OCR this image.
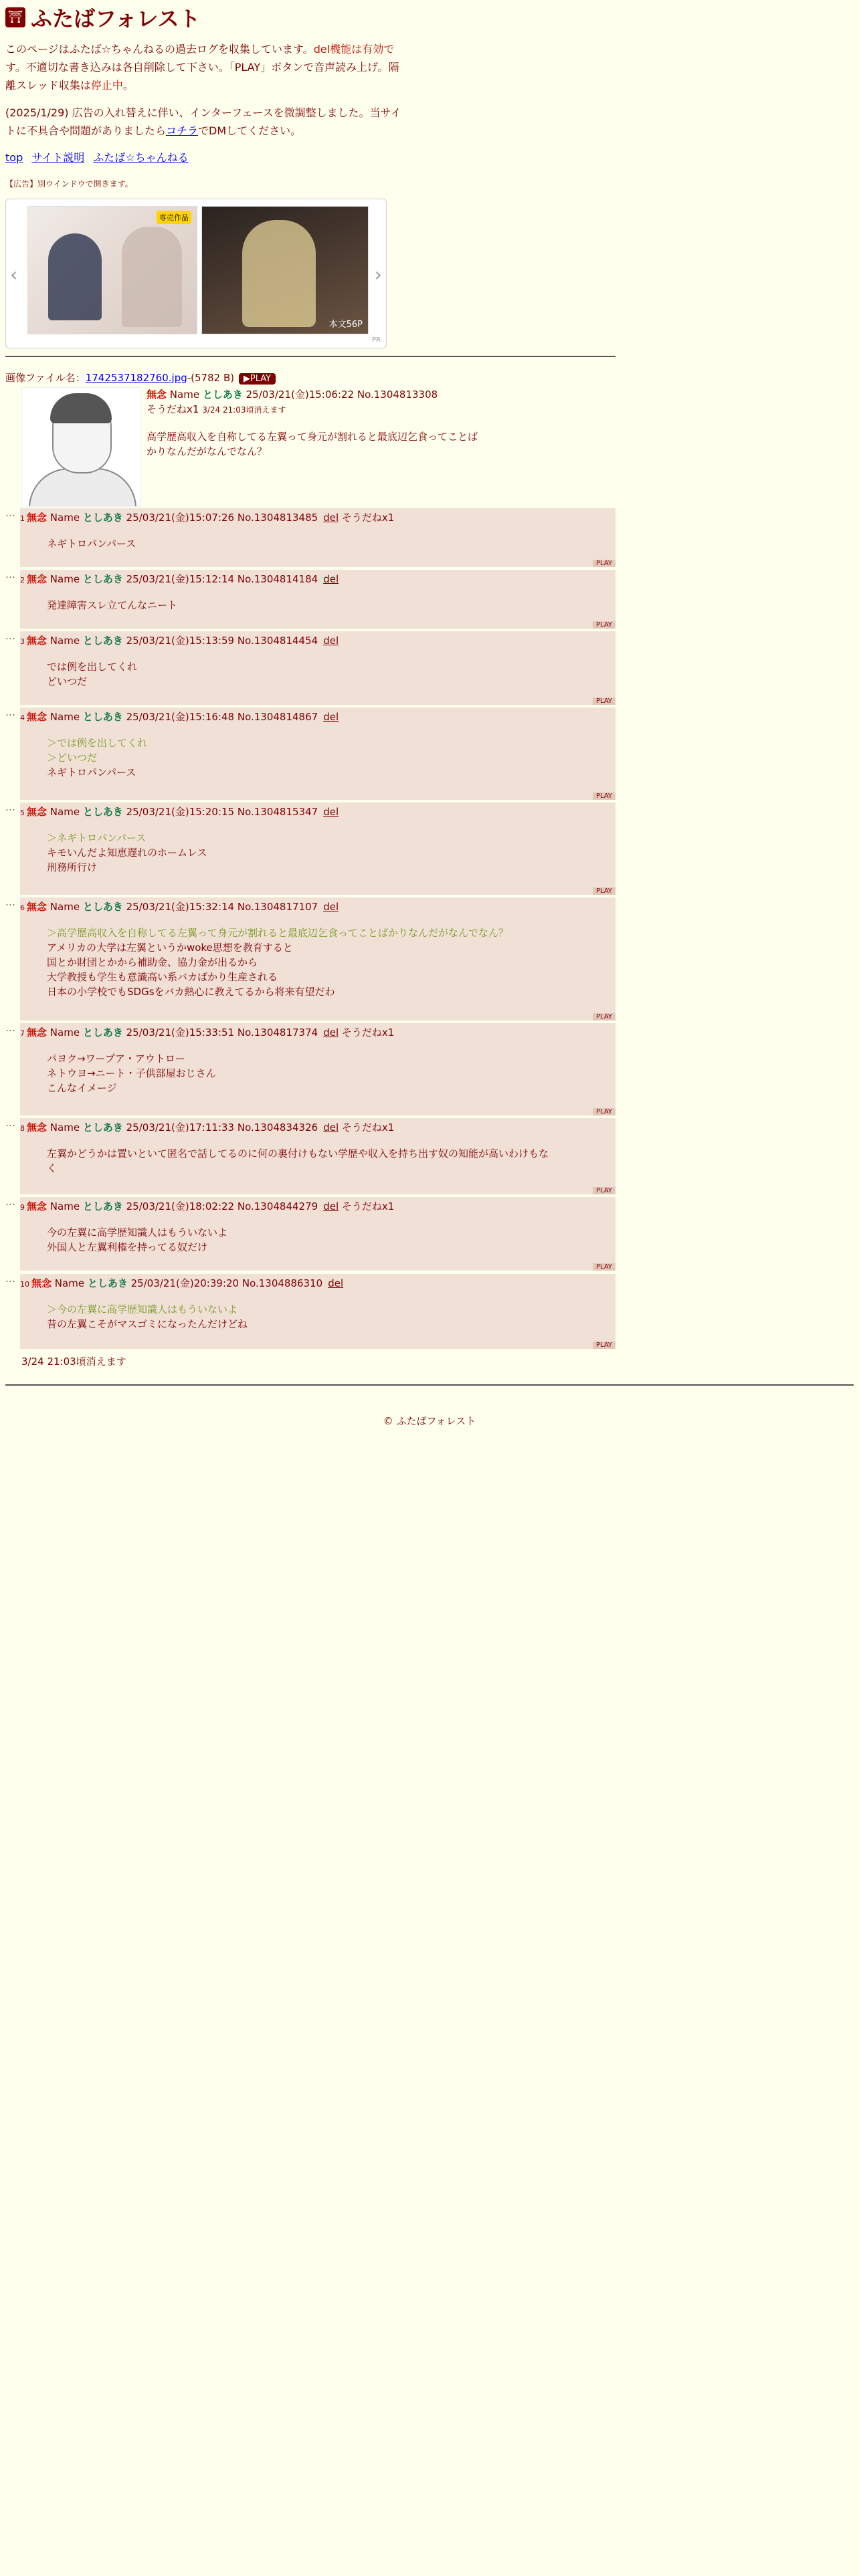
⛩ ふたばフォレスト

このページはふたば☆ちゃんねるの過去ログを収集しています。del機能は有効です。不適切な書き込みは各自削除して下さい。「PLAY」ボタンで音声読み上げ。隔離スレッド収集は停止中。

(2025/1/29) 広告の入れ替えに伴い、インターフェースを微調整しました。当サイトに不具合や問題がありましたらコチラでDMしてください。

top サイト説明 ふたば☆ちゃんねる
【広告】別ウインドウで開きます。
‹
専売作品
本文56P
›
PR
画像ファイル名：1742537182760.jpg-(5782 B) ▶ PLAY
無念 Name としあき 25/03/21(金)15:06:22 No.1304813308
そうだねx1 3/24 21:03頃消えます
高学歴高収入を自称してる左翼って身元が割れると最底辺乞食ってことば
かりなんだがなんでなん？
… 1 無念 Name としあき 25/03/21(金)15:07:26 No.1304813485 del そうだねx1
ネギトロパンパース
PLAY
… 2 無念 Name としあき 25/03/21(金)15:12:14 No.1304814184 del
発達障害スレ立てんなニート
PLAY
… 3 無念 Name としあき 25/03/21(金)15:13:59 No.1304814454 del
では例を出してくれ
どいつだ
PLAY
… 4 無念 Name としあき 25/03/21(金)15:16:48 No.1304814867 del
＞では例を出してくれ
＞どいつだ
ネギトロパンパース
PLAY
… 5 無念 Name としあき 25/03/21(金)15:20:15 No.1304815347 del
＞ネギトロパンパース
キモいんだよ知恵遅れのホームレス
刑務所行け
PLAY
… 6 無念 Name としあき 25/03/21(金)15:32:14 No.1304817107 del
＞高学歴高収入を自称してる左翼って身元が割れると最底辺乞食ってことばかりなんだがなんでなん？
アメリカの大学は左翼というかwoke思想を教育すると
国とか財団とかから補助金、協力金が出るから
大学教授も学生も意識高い系バカばかり生産される
日本の小学校でもSDGsをバカ熱心に教えてるから将来有望だわ
PLAY
… 7 無念 Name としあき 25/03/21(金)15:33:51 No.1304817374 del そうだねx1
パヨク→ワープア・アウトロー
ネトウヨ→ニート・子供部屋おじさん
こんなイメージ
PLAY
… 8 無念 Name としあき 25/03/21(金)17:11:33 No.1304834326 del そうだねx1
左翼かどうかは置いといて匿名で話してるのに何の裏付けもない学歴や収入を持ち出す奴の知能が高いわけもな
く
PLAY
… 9 無念 Name としあき 25/03/21(金)18:02:22 No.1304844279 del そうだねx1
今の左翼に高学歴知識人はもういないよ
外国人と左翼利権を持ってる奴だけ
PLAY
… 10 無念 Name としあき 25/03/21(金)20:39:20 No.1304886310 del
＞今の左翼に高学歴知識人はもういないよ
昔の左翼こそがマスゴミになったんだけどね
PLAY
3/24 21:03頃消えます
© ふたばフォレスト
